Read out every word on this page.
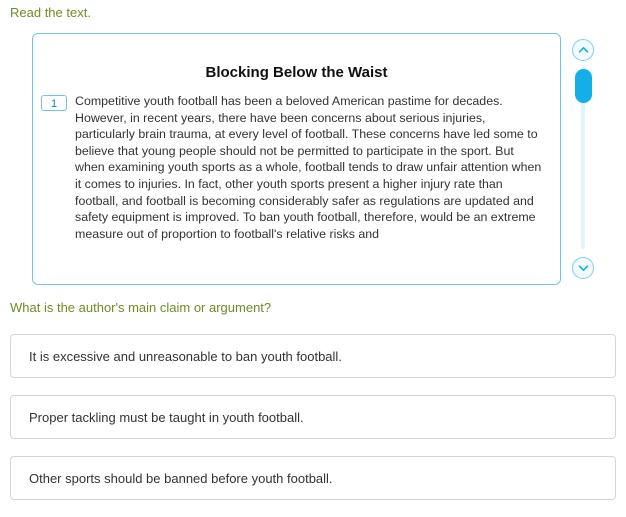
Read the text.
Blocking Below the Waist
1	Competitive youth football has been a beloved American pastime for decades. However, in recent years, there have been concerns about serious injuries, particularly brain trauma, at every level of football. These concerns have led some to believe that young people should not be permitted to participate in the sport. But when examining youth sports as a whole, football tends to draw unfair attention when it comes to injuries. In fact, other youth sports present a higher injury rate than football, and football is becoming considerably safer as regulations are updated and safety equipment is improved. To ban youth football, therefore, would be an extreme measure out of proportion to football's relative risks and
What is the author's main claim or argument?
It is excessive and unreasonable to ban youth football.
Proper tackling must be taught in youth football.
Other sports should be banned before youth football.
